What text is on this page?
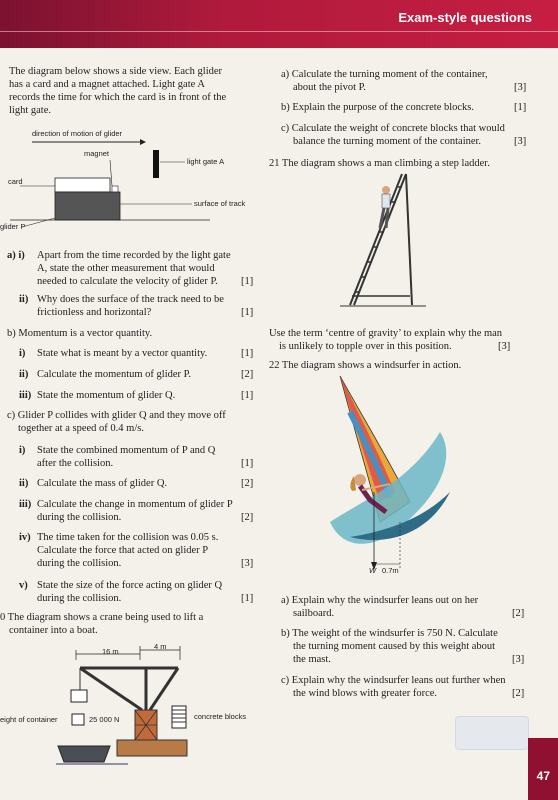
Exam-style questions
The diagram below shows a side view. Each glider
has a card and a magnet attached. Light gate A
records the time for which the card is in front of the
light gate.
direction of motion of glider
magnet
light gate A
card
surface of track
glider P
a) i) Apart from the time recorded by the light gate
A, state the other measurement that would
needed to calculate the velocity of glider P. [1]
ii) Why does the surface of the track need to be
frictionless and horizontal?	[1]
b) Momentum is a vector quantity.
i) State what is meant by a vector quantity.	[1]
ii) Calculate the momentum of glider P.	[2]
iii) State the momentum of glider Q.	[1]
c) Glider P collides with glider Q and they move off
together at a speed of 0.4 m/s.
i) State the combined momentum of P and Q
after the collision.	[1]
ii) Calculate the mass of glider Q.	[2]
iii) Calculate the change in momentum of glider P
during the collision.	[2]
iv) The time taken for the collision was 0.05 s.
Calculate the force that acted on glider P
during the collision.	[3]
v) State the size of the force acting on glider Q
during the collision.	[1]
0 The diagram shows a crane being used to lift a
container into a boat.
16 m
4 m
eight of container	25 000 N	concrete blocks
a) Calculate the turning moment of the container,
about the pivot P.	[3]
b) Explain the purpose of the concrete blocks.	[1]
c) Calculate the weight of concrete blocks that would
balance the turning moment of the container.	[3]
21 The diagram shows a man climbing a step ladder.
Use the term ‘centre of gravity’ to explain why the man
is unlikely to topple over in this position.	[3]
22 The diagram shows a windsurfer in action.
W 0.7m
a) Explain why the windsurfer leans out on her
sailboard.	[2]
b) The weight of the windsurfer is 750 N. Calculate
the turning moment caused by this weight about
the mast.	[3]
c) Explain why the windsurfer leans out further when
the wind blows with greater force.	[2]
47
